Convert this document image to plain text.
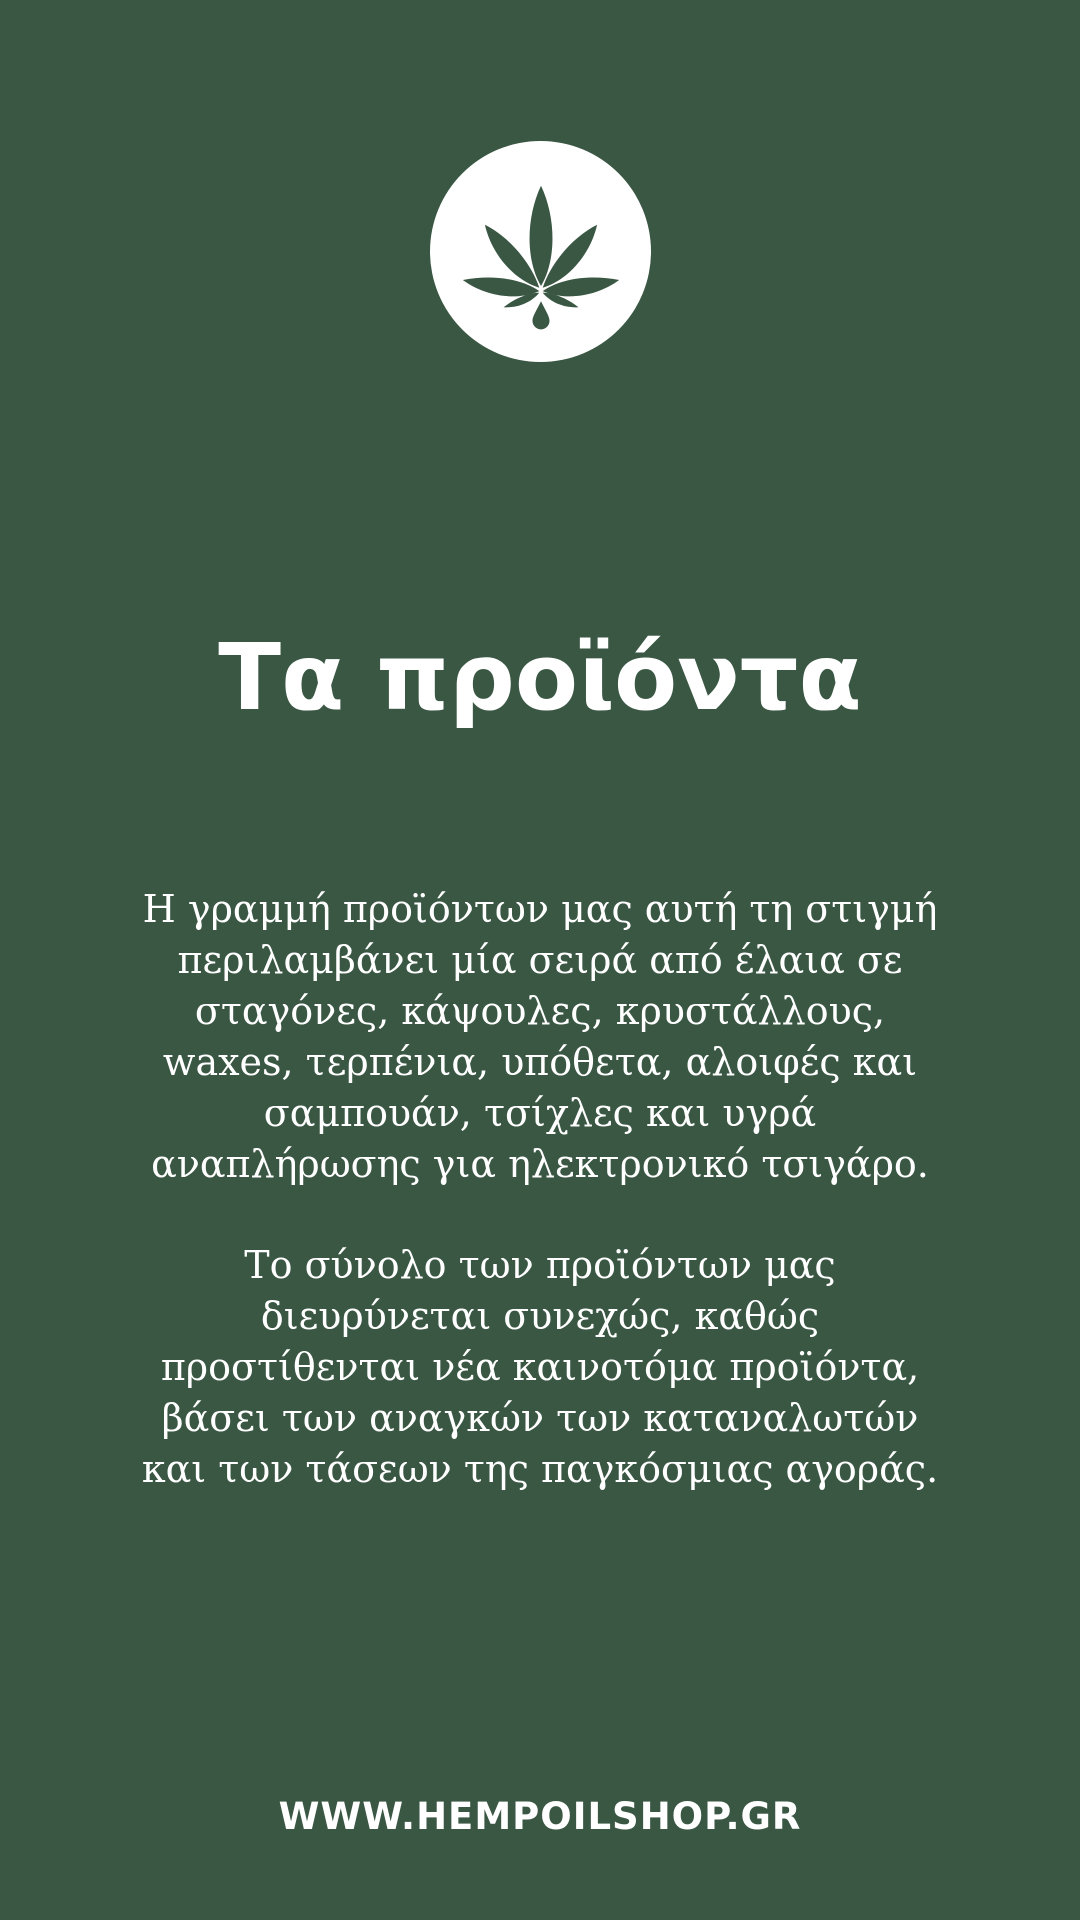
Τα προϊόντα

Η γραμμή προϊόντων μας αυτή τη στιγμή
περιλαμβάνει μία σειρά από έλαια σε
σταγόνες, κάψουλες, κρυστάλλους,
waxes, τερπένια, υπόθετα, αλοιφές και
σαμπουάν, τσίχλες και υγρά
αναπλήρωσης για ηλεκτρονικό τσιγάρο.

Το σύνολο των προϊόντων μας
διευρύνεται συνεχώς, καθώς
προστίθενται νέα καινοτόμα προϊόντα,
βάσει των αναγκών των καταναλωτών
και των τάσεων της παγκόσμιας αγοράς.

WWW.HEMPOILSHOP.GR
